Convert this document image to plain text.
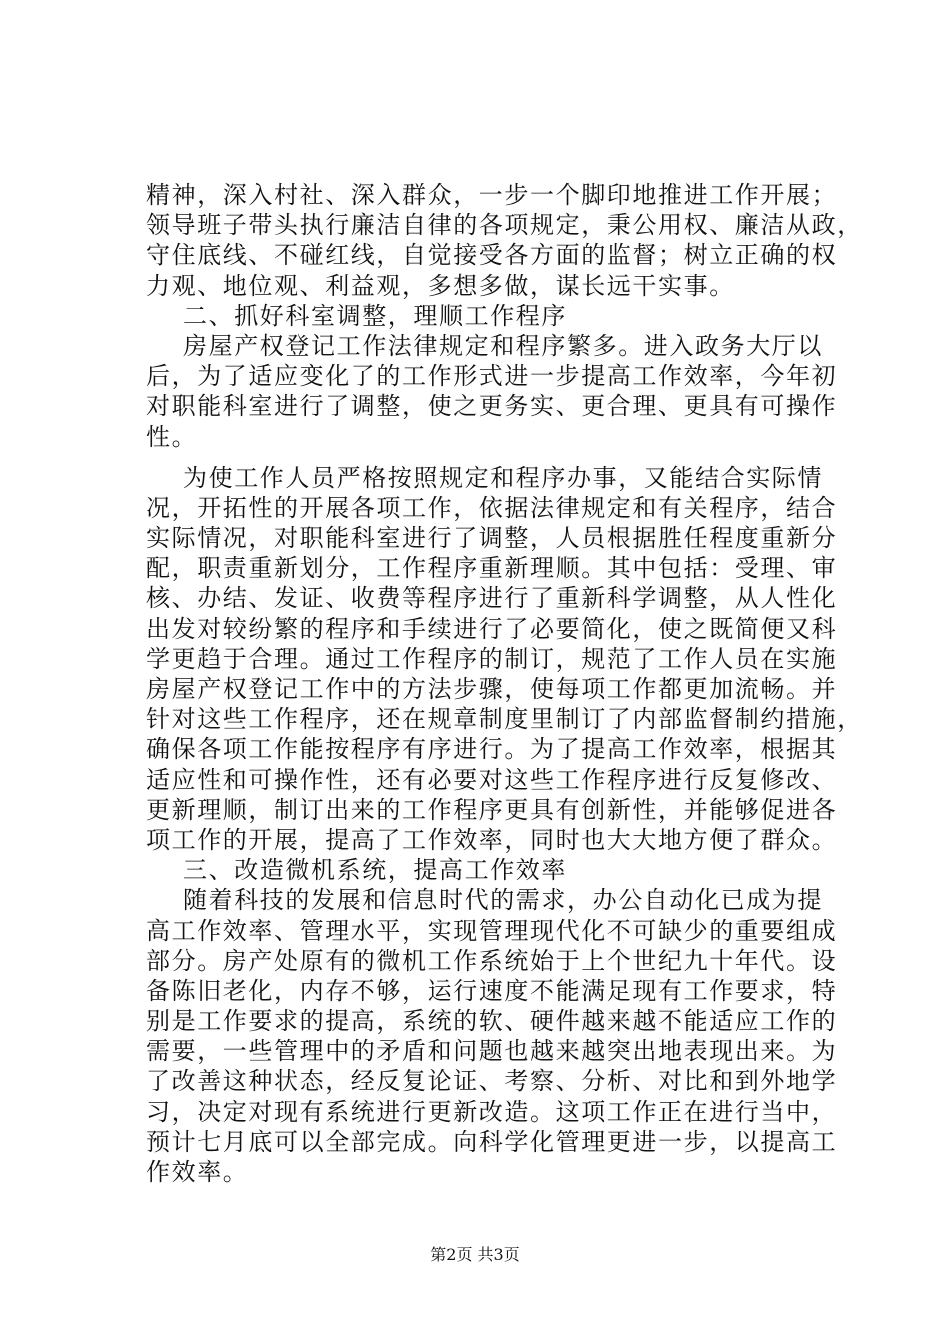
精神，深入村社、深入群众，一步一个脚印地推进工作开展；
领导班子带头执行廉洁自律的各项规定，秉公用权、廉洁从政，
守住底线、不碰红线，自觉接受各方面的监督；树立正确的权
力观、地位观、利益观，多想多做，谋长远干实事。
二、抓好科室调整，理顺工作程序
房屋产权登记工作法律规定和程序繁多。进入政务大厅以
后，为了适应变化了的工作形式进一步提高工作效率，今年初
对职能科室进行了调整，使之更务实、更合理、更具有可操作
性。
为使工作人员严格按照规定和程序办事，又能结合实际情
况，开拓性的开展各项工作，依据法律规定和有关程序，结合
实际情况，对职能科室进行了调整，人员根据胜任程度重新分
配，职责重新划分，工作程序重新理顺。其中包括：受理、审
核、办结、发证、收费等程序进行了重新科学调整，从人性化
出发对较纷繁的程序和手续进行了必要简化，使之既简便又科
学更趋于合理。通过工作程序的制订，规范了工作人员在实施
房屋产权登记工作中的方法步骤，使每项工作都更加流畅。并
针对这些工作程序，还在规章制度里制订了内部监督制约措施，
确保各项工作能按程序有序进行。为了提高工作效率，根据其
适应性和可操作性，还有必要对这些工作程序进行反复修改、
更新理顺，制订出来的工作程序更具有创新性，并能够促进各
项工作的开展，提高了工作效率，同时也大大地方便了群众。
三、改造微机系统，提高工作效率
随着科技的发展和信息时代的需求，办公自动化已成为提
高工作效率、管理水平，实现管理现代化不可缺少的重要组成
部分。房产处原有的微机工作系统始于上个世纪九十年代。设
备陈旧老化，内存不够，运行速度不能满足现有工作要求，特
别是工作要求的提高，系统的软、硬件越来越不能适应工作的
需要，一些管理中的矛盾和问题也越来越突出地表现出来。为
了改善这种状态，经反复论证、考察、分析、对比和到外地学
习，决定对现有系统进行更新改造。这项工作正在进行当中，
预计七月底可以全部完成。向科学化管理更进一步，以提高工
作效率。
第2页 共3页
